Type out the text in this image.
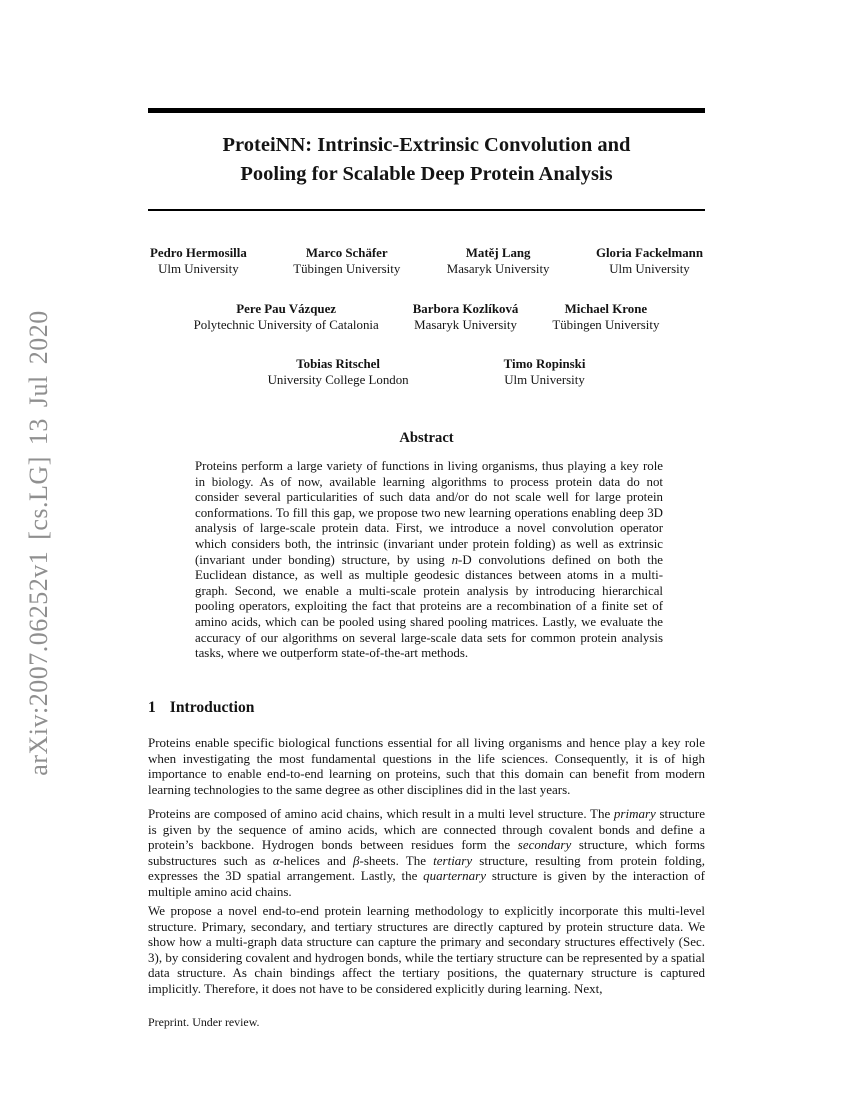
arXiv:2007.06252v1 [cs.LG] 13 Jul 2020
ProteiNN: Intrinsic-Extrinsic Convolution and
Pooling for Scalable Deep Protein Analysis
Pedro Hermosilla
Ulm University
Marco Schäfer
Tübingen University
Matěj Lang
Masaryk University
Gloria Fackelmann
Ulm University
Pere Pau Vázquez
Polytechnic University of Catalonia
Barbora Kozlíková
Masaryk University
Michael Krone
Tübingen University
Tobias Ritschel
University College London
Timo Ropinski
Ulm University
Abstract
Proteins perform a large variety of functions in living organisms, thus playing a key role in biology. As of now, available learning algorithms to process protein data do not consider several particularities of such data and/or do not scale well for large protein conformations. To fill this gap, we propose two new learning operations enabling deep 3D analysis of large-scale protein data. First, we introduce a novel convolution operator which considers both, the intrinsic (invariant under protein folding) as well as extrinsic (invariant under bonding) structure, by using n-D convolutions defined on both the Euclidean distance, as well as multiple geodesic distances between atoms in a multi-graph. Second, we enable a multi-scale protein analysis by introducing hierarchical pooling operators, exploiting the fact that proteins are a recombination of a finite set of amino acids, which can be pooled using shared pooling matrices. Lastly, we evaluate the accuracy of our algorithms on several large-scale data sets for common protein analysis tasks, where we outperform state-of-the-art methods.
1 Introduction
Proteins enable specific biological functions essential for all living organisms and hence play a key role when investigating the most fundamental questions in the life sciences. Consequently, it is of high importance to enable end-to-end learning on proteins, such that this domain can benefit from modern learning technologies to the same degree as other disciplines did in the last years.
Proteins are composed of amino acid chains, which result in a multi level structure. The primary structure is given by the sequence of amino acids, which are connected through covalent bonds and define a protein’s backbone. Hydrogen bonds between residues form the secondary structure, which forms substructures such as α-helices and β-sheets. The tertiary structure, resulting from protein folding, expresses the 3D spatial arrangement. Lastly, the quarternary structure is given by the interaction of multiple amino acid chains.
We propose a novel end-to-end protein learning methodology to explicitly incorporate this multi-level structure. Primary, secondary, and tertiary structures are directly captured by protein structure data. We show how a multi-graph data structure can capture the primary and secondary structures effectively (Sec. 3), by considering covalent and hydrogen bonds, while the tertiary structure can be represented by a spatial data structure. As chain bindings affect the tertiary positions, the quaternary structure is captured implicitly. Therefore, it does not have to be considered explicitly during learning. Next,
Preprint. Under review.
